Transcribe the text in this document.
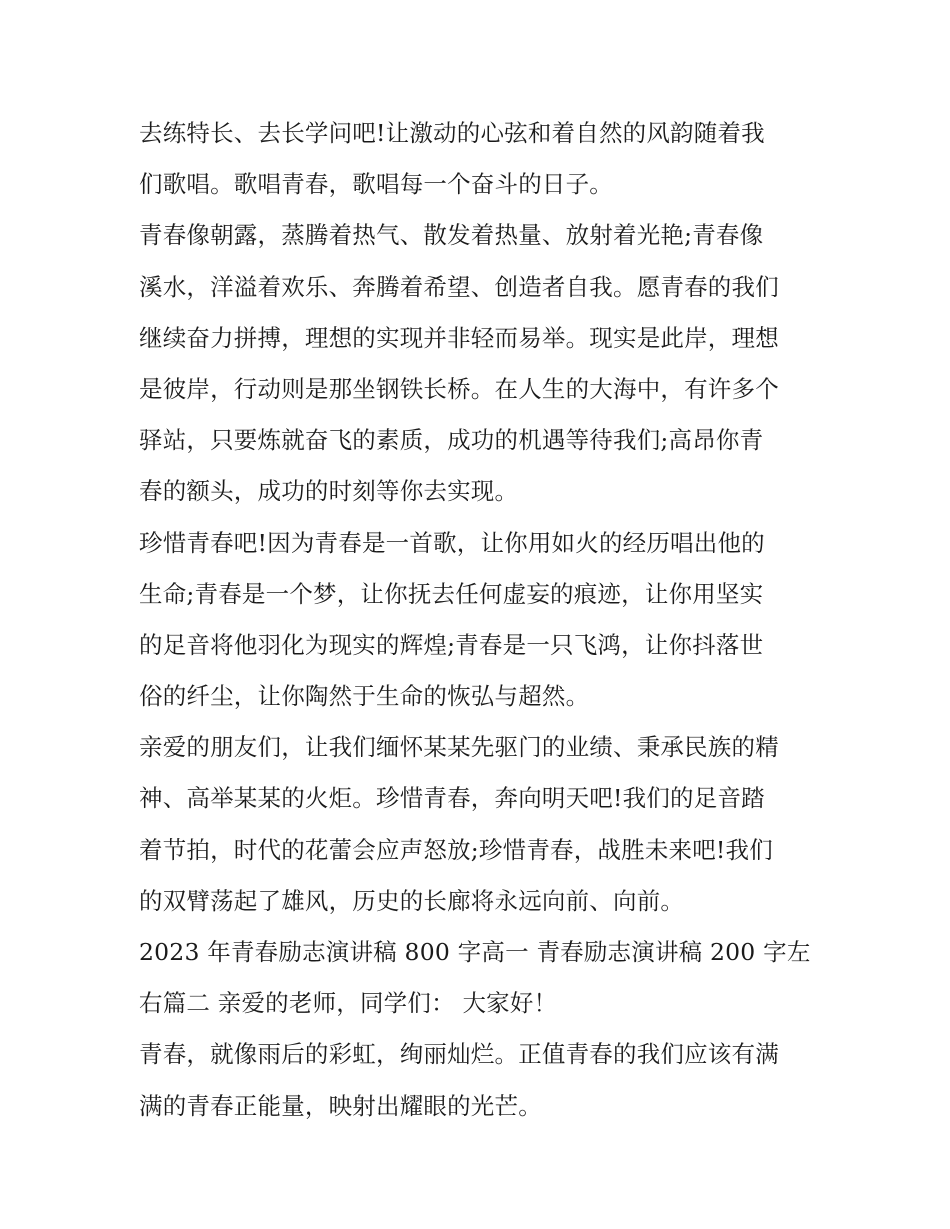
去练特长、去长学问吧!让激动的心弦和着自然的风韵随着我
们歌唱。歌唱青春，歌唱每一个奋斗的日子。
青春像朝露，蒸腾着热气、散发着热量、放射着光艳;青春像
溪水，洋溢着欢乐、奔腾着希望、创造者自我。愿青春的我们
继续奋力拼搏，理想的实现并非轻而易举。现实是此岸，理想
是彼岸，行动则是那坐钢铁长桥。在人生的大海中，有许多个
驿站，只要炼就奋飞的素质，成功的机遇等待我们;高昂你青
春的额头，成功的时刻等你去实现。
珍惜青春吧!因为青春是一首歌，让你用如火的经历唱出他的
生命;青春是一个梦，让你抚去任何虚妄的痕迹，让你用坚实
的足音将他羽化为现实的辉煌;青春是一只飞鸿，让你抖落世
俗的纤尘，让你陶然于生命的恢弘与超然。
亲爱的朋友们，让我们缅怀某某先驱门的业绩、秉承民族的精
神、高举某某的火炬。珍惜青春，奔向明天吧!我们的足音踏
着节拍，时代的花蕾会应声怒放;珍惜青春，战胜未来吧!我们
的双臂荡起了雄风，历史的长廊将永远向前、向前。
2023 年青春励志演讲稿 800 字高一 青春励志演讲稿 200 字左
右篇二 亲爱的老师，同学们： 大家好！
青春，就像雨后的彩虹，绚丽灿烂。正值青春的我们应该有满
满的青春正能量，映射出耀眼的光芒。
